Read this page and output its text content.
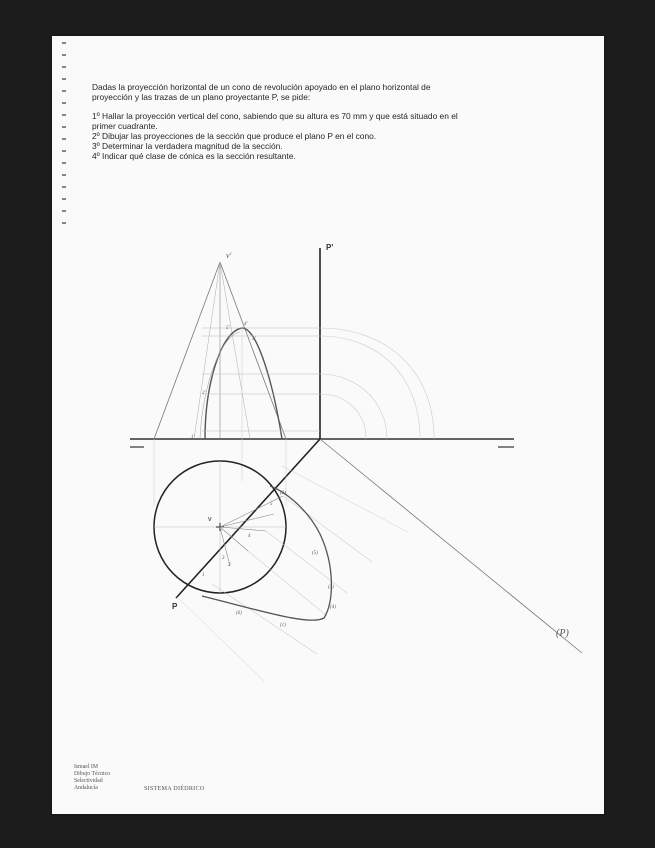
Dadas la proyección horizontal de un cono de revolución apoyado en el plano horizontal de

proyección y las trazas de un plano proyectante P, se pide:

1º Hallar la proyección vertical del cono, sabiendo que su altura es 70 mm y que está situado en el

primer cuadrante.

2º Dibujar las proyecciones de la sección que produce el plano P en el cono.

3º Determinar la verdadera magnitud de la sección.

4º Indicar qué clase de cónica es la sección resultante.

P'
P
v
v'
(P)
1'
2'
3'
4'
5'
1
2
3
4
5
(2)
(5)
(3)
(4)
(6)
(1)
Ismael IM
Dibujo Técnico
Selectividad
Andalucía	SISTEMA DIÉDRICO
